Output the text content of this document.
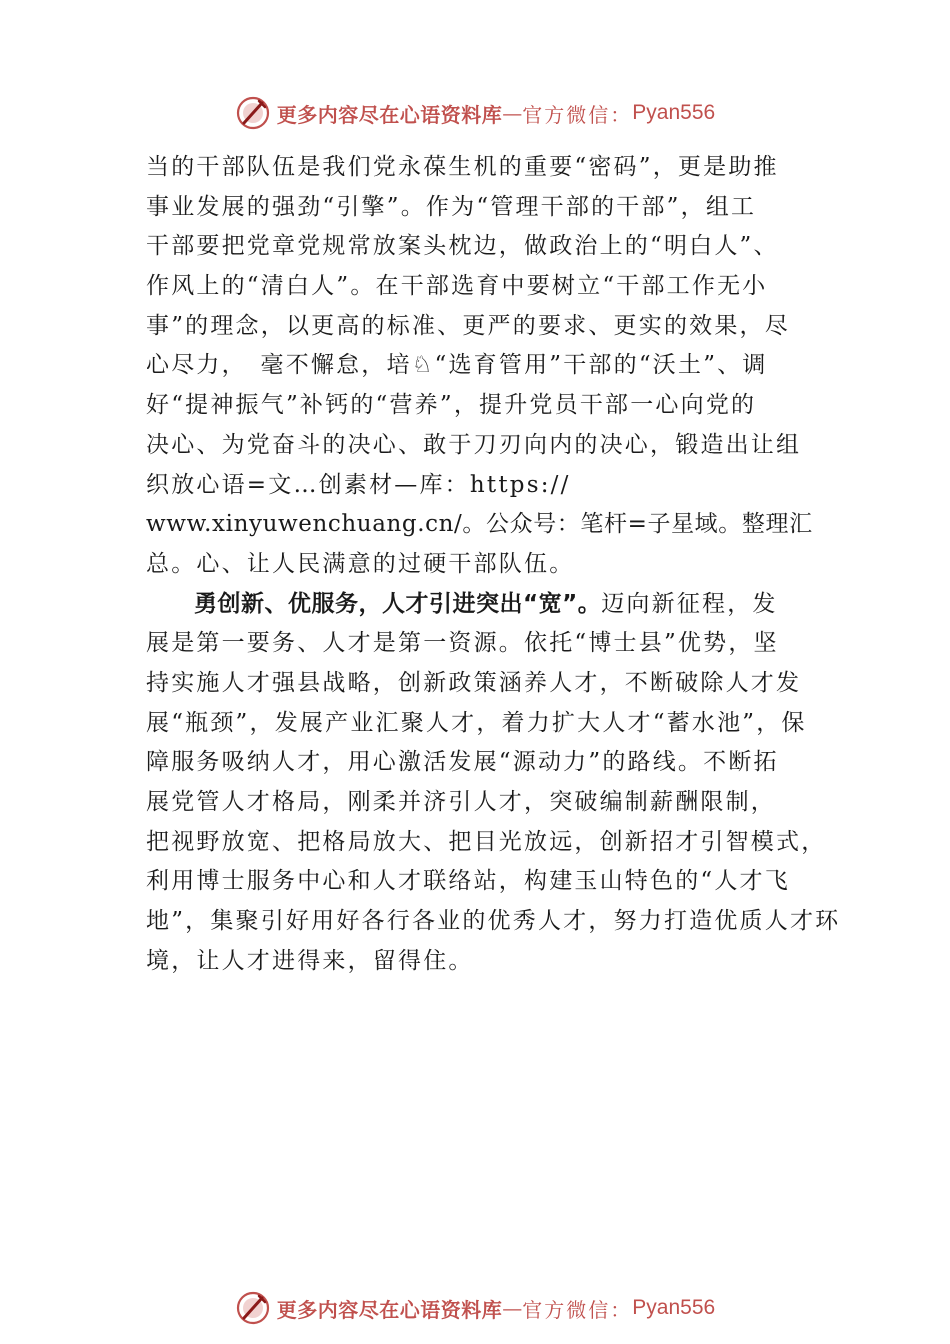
更多内容尽在心语资料库 — 官方微信： Pyan556
当的干部队伍是我们党永葆生机的重要“密码”，更是助推
事业发展的强劲“引擎”。作为“管理干部的干部”，组工
干部要把党章党规常放案头枕边，做政治上的“明白人”、
作风上的“清白人”。在干部选育中要树立“干部工作无小
事”的理念，以更高的标准、更严的要求、更实的效果，尽
心尽力，　毫不懈怠，培♘“选育管用”干部的“沃土”、调
好“提神振气”补钙的“营养”，提升党员干部一心向党的
决心、为党奋斗的决心、敢于刀刃向内的决心，锻造出让组
织放心语=文…创素材—库：https://
www.xinyuwenchuang.cn/。公众号：笔杆=子星域。整理汇
总。心、让人民满意的过硬干部队伍。
勇创新、优服务，人才引进突出“宽”。迈向新征程，发
展是第一要务、人才是第一资源。依托“博士县”优势，坚
持实施人才强县战略，创新政策涵养人才，不断破除人才发
展“瓶颈”，发展产业汇聚人才，着力扩大人才“蓄水池”，保
障服务吸纳人才，用心激活发展“源动力”的路线。不断拓
展党管人才格局，刚柔并济引人才，突破编制薪酬限制，
把视野放宽、把格局放大、把目光放远，创新招才引智模式，
利用博士服务中心和人才联络站，构建玉山特色的“人才飞
地”，集聚引好用好各行各业的优秀人才，努力打造优质人才环
境，让人才进得来，留得住。
更多内容尽在心语资料库 — 官方微信： Pyan556
